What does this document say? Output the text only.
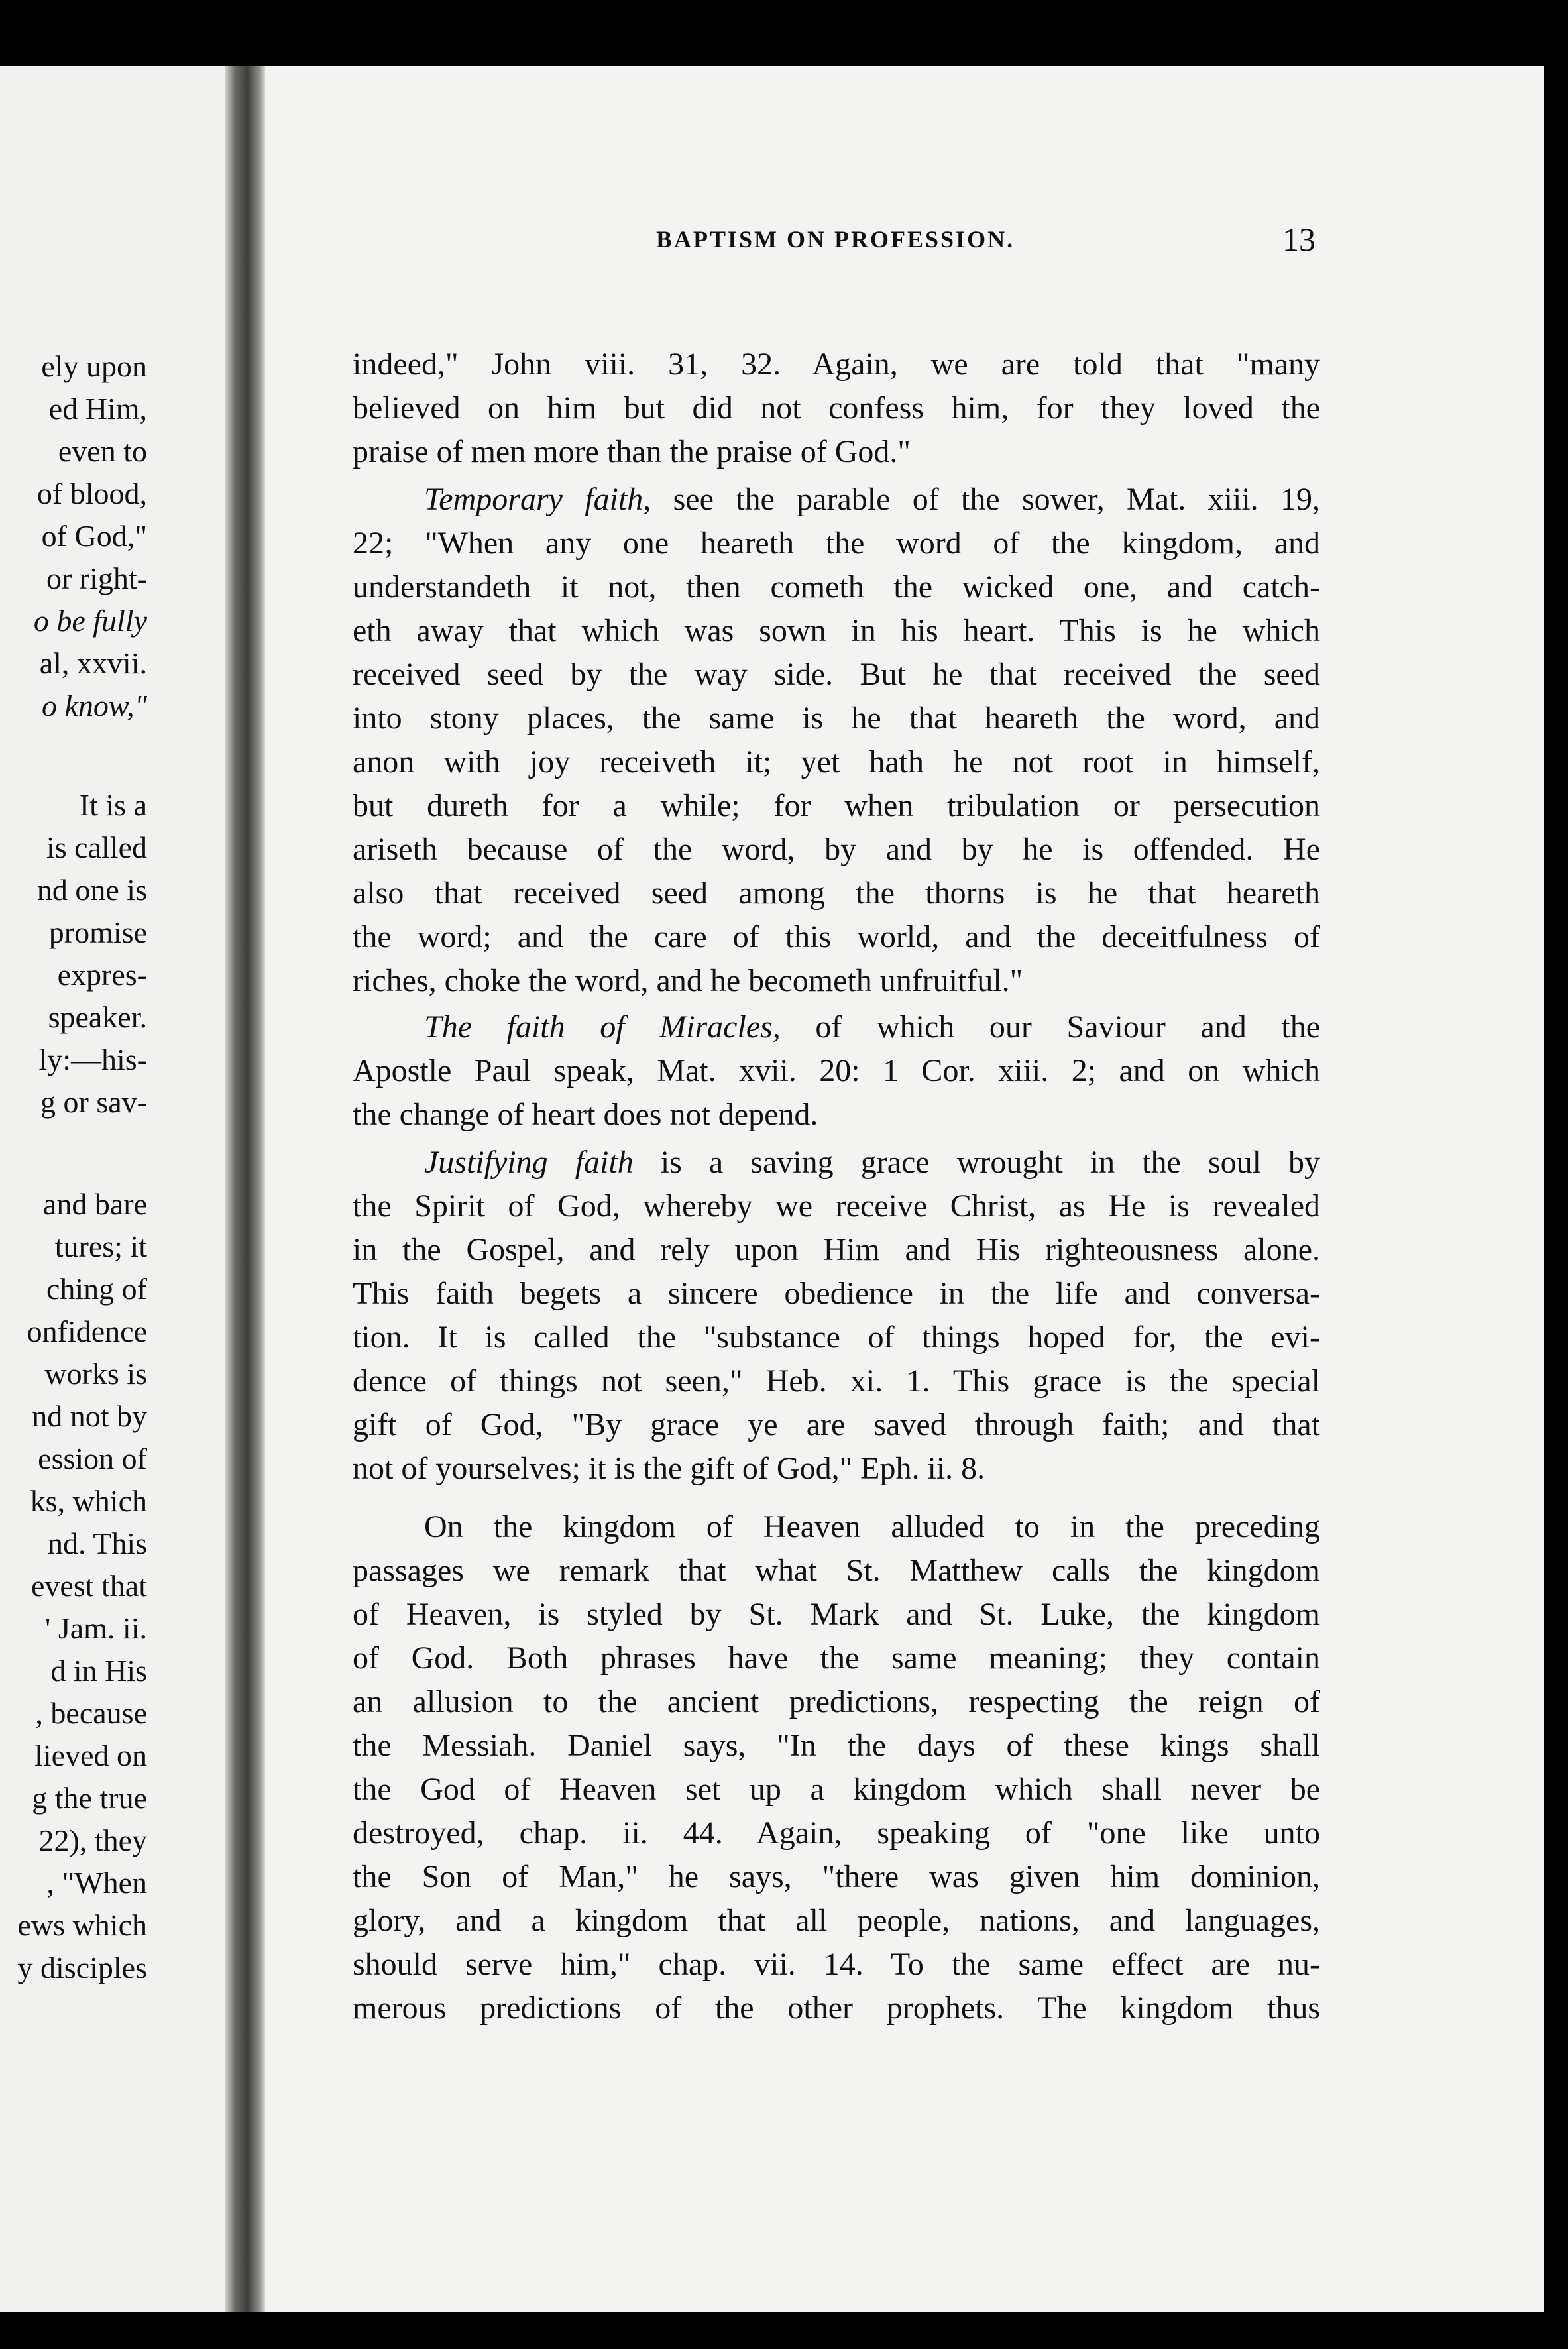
ely upon
ed Him,
even to
of blood,
of God,"
or right-
o be fully
al, xxvii.
o know,"
It is a
is called
nd one is
promise
expres-
speaker.
ly:—his-
g or sav-
and bare
tures; it
ching of
onfidence
works is
nd not by
ession of
ks, which
nd. This
evest that
' Jam. ii.
d in His
, because
lieved on
g the true
22), they
, "When
ews which
y disciples
BAPTISM ON PROFESSION.	13
indeed," John viii. 31, 32. Again, we are told that "many
believed on him but did not confess him, for they loved the
praise of men more than the praise of God."
Temporary faith, see the parable of the sower, Mat. xiii. 19,
22; "When any one heareth the word of the kingdom, and
understandeth it not, then cometh the wicked one, and catch-
eth away that which was sown in his heart. This is he which
received seed by the way side. But he that received the seed
into stony places, the same is he that heareth the word, and
anon with joy receiveth it; yet hath he not root in himself,
but dureth for a while; for when tribulation or persecution
ariseth because of the word, by and by he is offended. He
also that received seed among the thorns is he that heareth
the word; and the care of this world, and the deceitfulness of
riches, choke the word, and he becometh unfruitful."
The faith of Miracles, of which our Saviour and the
Apostle Paul speak, Mat. xvii. 20: 1 Cor. xiii. 2; and on which
the change of heart does not depend.
Justifying faith is a saving grace wrought in the soul by
the Spirit of God, whereby we receive Christ, as He is revealed
in the Gospel, and rely upon Him and His righteousness alone.
This faith begets a sincere obedience in the life and conversa-
tion. It is called the "substance of things hoped for, the evi-
dence of things not seen," Heb. xi. 1. This grace is the special
gift of God, "By grace ye are saved through faith; and that
not of yourselves; it is the gift of God," Eph. ii. 8.
On the kingdom of Heaven alluded to in the preceding
passages we remark that what St. Matthew calls the kingdom
of Heaven, is styled by St. Mark and St. Luke, the kingdom
of God. Both phrases have the same meaning; they contain
an allusion to the ancient predictions, respecting the reign of
the Messiah. Daniel says, "In the days of these kings shall
the God of Heaven set up a kingdom which shall never be
destroyed, chap. ii. 44. Again, speaking of "one like unto
the Son of Man," he says, "there was given him dominion,
glory, and a kingdom that all people, nations, and languages,
should serve him," chap. vii. 14. To the same effect are nu-
merous predictions of the other prophets. The kingdom thus
